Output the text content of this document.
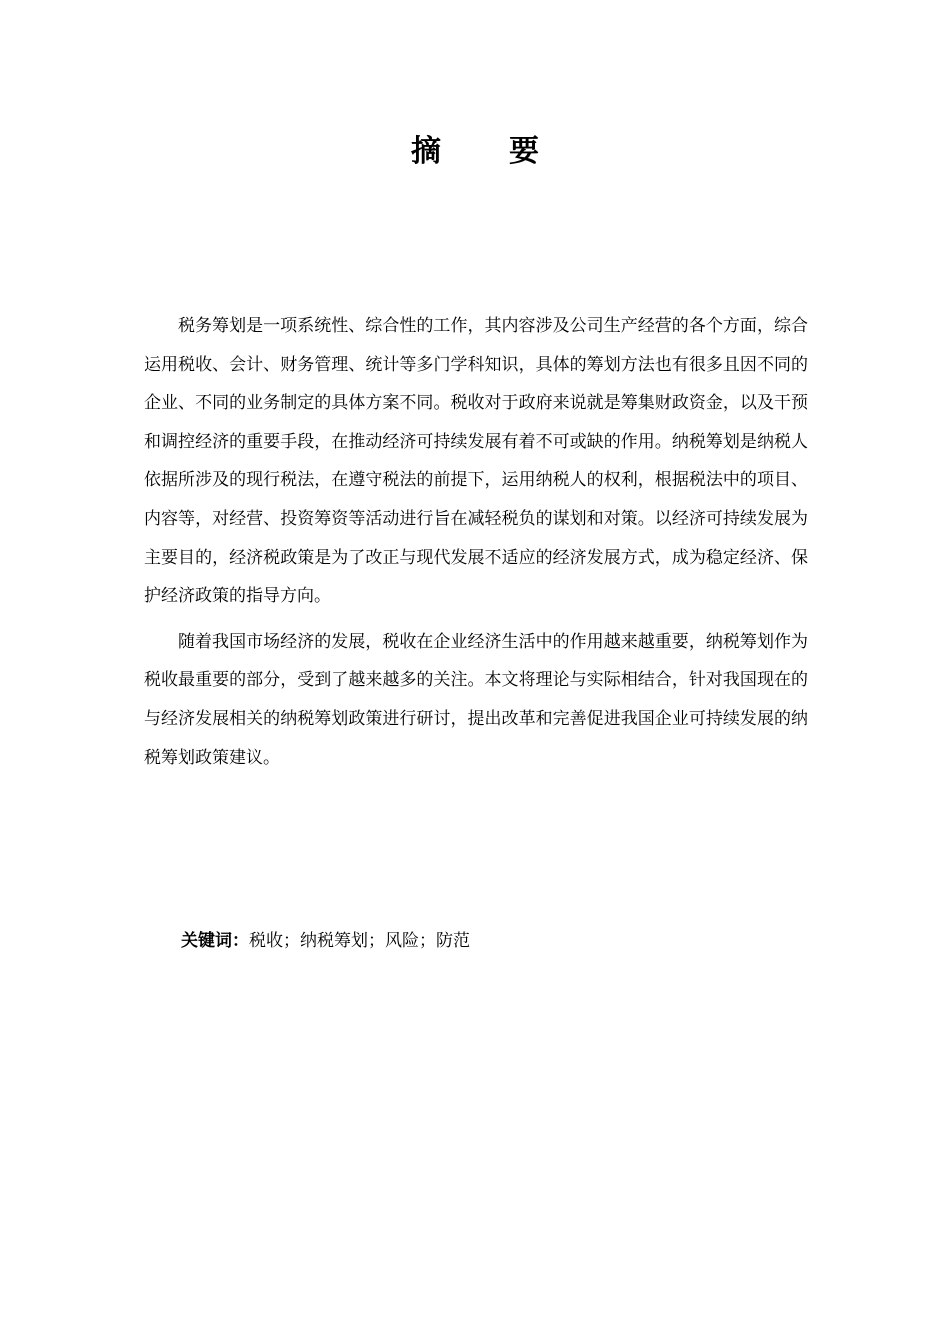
摘 要

税务筹划是一项系统性、综合性的工作，其内容涉及公司生产经营的各个方面，综合运用税收、会计、财务管理、统计等多门学科知识，具体的筹划方法也有很多且因不同的企业、不同的业务制定的具体方案不同。税收对于政府来说就是筹集财政资金，以及干预和调控经济的重要手段，在推动经济可持续发展有着不可或缺的作用。纳税筹划是纳税人依据所涉及的现行税法，在遵守税法的前提下，运用纳税人的权利，根据税法中的项目、内容等，对经营、投资筹资等活动进行旨在减轻税负的谋划和对策。以经济可持续发展为主要目的，经济税政策是为了改正与现代发展不适应的经济发展方式，成为稳定经济、保护经济政策的指导方向。

随着我国市场经济的发展，税收在企业经济生活中的作用越来越重要，纳税筹划作为税收最重要的部分，受到了越来越多的关注。本文将理论与实际相结合，针对我国现在的与经济发展相关的纳税筹划政策进行研讨，提出改革和完善促进我国企业可持续发展的纳税筹划政策建议。

关键词：税收；纳税筹划；风险；防范
